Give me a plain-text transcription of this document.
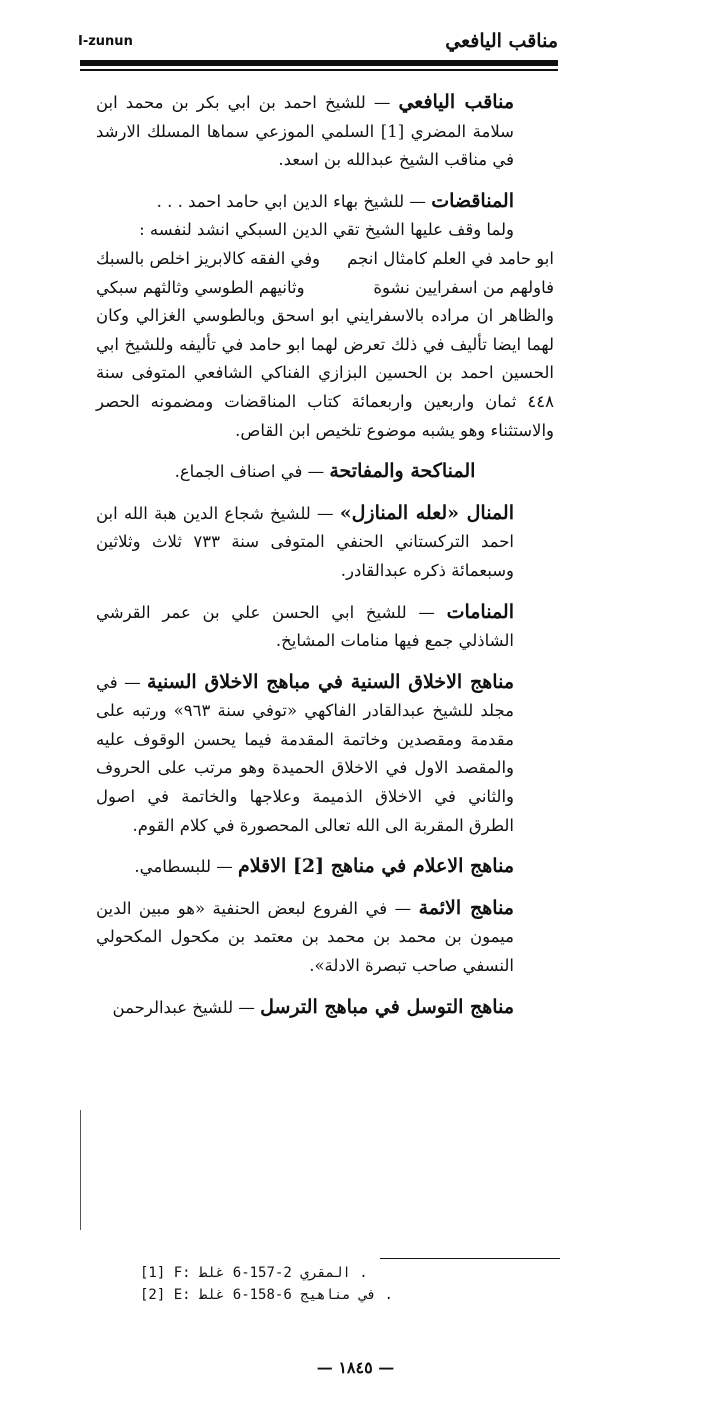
مناقب اليافعي
I-zunun

مناقب اليافعي — للشيخ احمد بن ابي بكر بن محمد ابن سلامة المضري [1] السلمي الموزعي سماها المسلك الارشد في مناقب الشيخ عبدالله بن اسعد.

المناقضات — للشيخ بهاء الدين ابي حامد احمد . . .

ولما وقف عليها الشيخ تقي الدين السبكي انشد لنفسه :

ابو حامد في العلم كامثال انجم
وفي الفقه كالابريز اخلص بالسبك

فاولهم من اسفرايين نشوة
وثانيهم الطوسي وثالثهم سبكي

والظاهر ان مراده بالاسفرايني ابو اسحق وبالطوسي الغزالي وكان لهما ايضا تأليف في ذلك تعرض لهما ابو حامد في تأليفه وللشيخ ابي الحسين احمد بن الحسين البزازي الفناكي الشافعي المتوفى سنة ٤٤٨ ثمان واربعين واربعمائة كتاب المناقضات ومضمونه الحصر والاستثناء وهو يشبه موضوع تلخيص ابن القاص.

المناكحة والمفاتحة — في اصناف الجماع.

المنال «لعله المنازل» — للشيخ شجاع الدين هبة الله ابن احمد التركستاني الحنفي المتوفى سنة ٧٣٣ ثلاث وثلاثين وسبعمائة ذكره عبدالقادر.

المنامات — للشيخ ابي الحسن علي بن عمر القرشي الشاذلي جمع فيها منامات المشايخ.

مناهج الاخلاق السنية في مباهج الاخلاق السنية — في مجلد للشيخ عبدالقادر الفاكهي «توفي سنة ٩٦٣» ورتبه على مقدمة ومقصدين وخاتمة المقدمة فيما يحسن الوقوف عليه والمقصد الاول في الاخلاق الحميدة وهو مرتب على الحروف والثاني في الاخلاق الذميمة وعلاجها والخاتمة في اصول الطرق المقربة الى الله تعالى المحصورة في كلام القوم.

مناهج الاعلام في مناهج [2] الاقلام — للبسطامي.

مناهج الائمة — في الفروع لبعض الحنفية «هو مبين الدين ميمون بن محمد بن محمد بن معتمد بن مكحول المكحولي النسفي صاحب تبصرة الادلة».

مناهج التوسل في مباهج الترسل — للشيخ عبدالرحمن

[1] F:	المقري 2-157-6 غلط .
[2] E:	في مناهيج 6-158-6 غلط .
— ١٨٤٥ —
